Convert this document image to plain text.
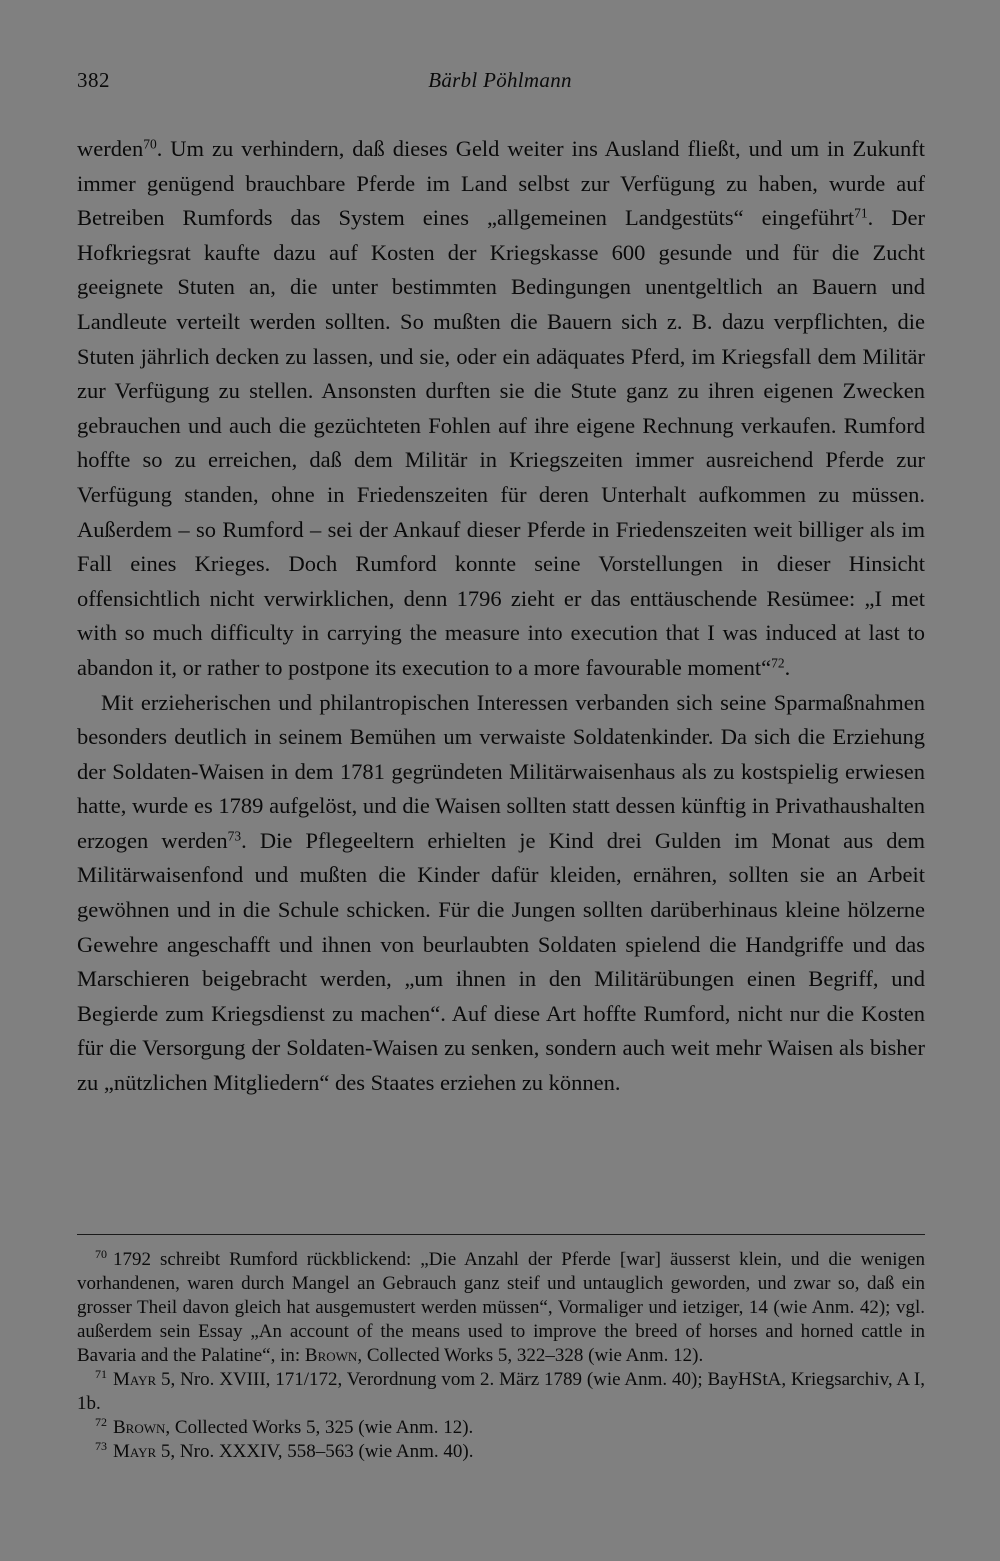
382	Bärbl Pöhlmann

werden$^{70}$. Um zu verhindern, daß dieses Geld weiter ins Ausland fließt, und um in Zukunft immer genügend brauchbare Pferde im Land selbst zur Verfügung zu haben, wurde auf Betreiben Rumfords das System eines „allgemeinen Landgestüts“ eingeführt$^{71}$. Der Hofkriegsrat kaufte dazu auf Kosten der Kriegskasse 600 gesunde und für die Zucht geeignete Stuten an, die unter bestimmten Bedingungen unentgeltlich an Bauern und Landleute verteilt werden sollten. So mußten die Bauern sich z. B. dazu verpflichten, die Stuten jährlich decken zu lassen, und sie, oder ein adäquates Pferd, im Kriegsfall dem Militär zur Verfügung zu stellen. Ansonsten durften sie die Stute ganz zu ihren eigenen Zwecken gebrauchen und auch die gezüchteten Fohlen auf ihre eigene Rechnung verkaufen. Rumford hoffte so zu erreichen, daß dem Militär in Kriegszeiten immer ausreichend Pferde zur Verfügung standen, ohne in Friedenszeiten für deren Unterhalt aufkommen zu müssen. Außerdem – so Rumford – sei der Ankauf dieser Pferde in Friedenszeiten weit billiger als im Fall eines Krieges. Doch Rumford konnte seine Vorstellungen in dieser Hinsicht offensichtlich nicht verwirklichen, denn 1796 zieht er das enttäuschende Resümee: „I met with so much difficulty in carrying the measure into execution that I was induced at last to abandon it, or rather to postpone its execution to a more favourable moment“$^{72}$.

Mit erzieherischen und philantropischen Interessen verbanden sich seine Sparmaßnahmen besonders deutlich in seinem Bemühen um verwaiste Soldatenkinder. Da sich die Erziehung der Soldaten-Waisen in dem 1781 gegründeten Militärwaisenhaus als zu kostspielig erwiesen hatte, wurde es 1789 aufgelöst, und die Waisen sollten statt dessen künftig in Privathaushalten erzogen werden$^{73}$. Die Pflegeeltern erhielten je Kind drei Gulden im Monat aus dem Militärwaisenfond und mußten die Kinder dafür kleiden, ernähren, sollten sie an Arbeit gewöhnen und in die Schule schicken. Für die Jungen sollten darüberhinaus kleine hölzerne Gewehre angeschafft und ihnen von beurlaubten Soldaten spielend die Handgriffe und das Marschieren beigebracht werden, „um ihnen in den Militärübungen einen Begriff, und Begierde zum Kriegsdienst zu machen“. Auf diese Art hoffte Rumford, nicht nur die Kosten für die Versorgung der Soldaten-Waisen zu senken, sondern auch weit mehr Waisen als bisher zu „nützlichen Mitgliedern“ des Staates erziehen zu können.

$^{70}$ 1792 schreibt Rumford rückblickend: „Die Anzahl der Pferde [war] äusserst klein, und die wenigen vorhandenen, waren durch Mangel an Gebrauch ganz steif und untauglich geworden, und zwar so, daß ein grosser Theil davon gleich hat ausgemustert werden müssen“, Vormaliger und ietziger, 14 (wie Anm. 42); vgl. außerdem sein Essay „An account of the means used to improve the breed of horses and horned cattle in Bavaria and the Palatine“, in: Brown, Collected Works 5, 322–328 (wie Anm. 12).

$^{71}$ Mayr 5, Nro. XVIII, 171/172, Verordnung vom 2. März 1789 (wie Anm. 40); BayHStA, Kriegsarchiv, A I, 1b.

$^{72}$ Brown, Collected Works 5, 325 (wie Anm. 12).

$^{73}$ Mayr 5, Nro. XXXIV, 558–563 (wie Anm. 40).
